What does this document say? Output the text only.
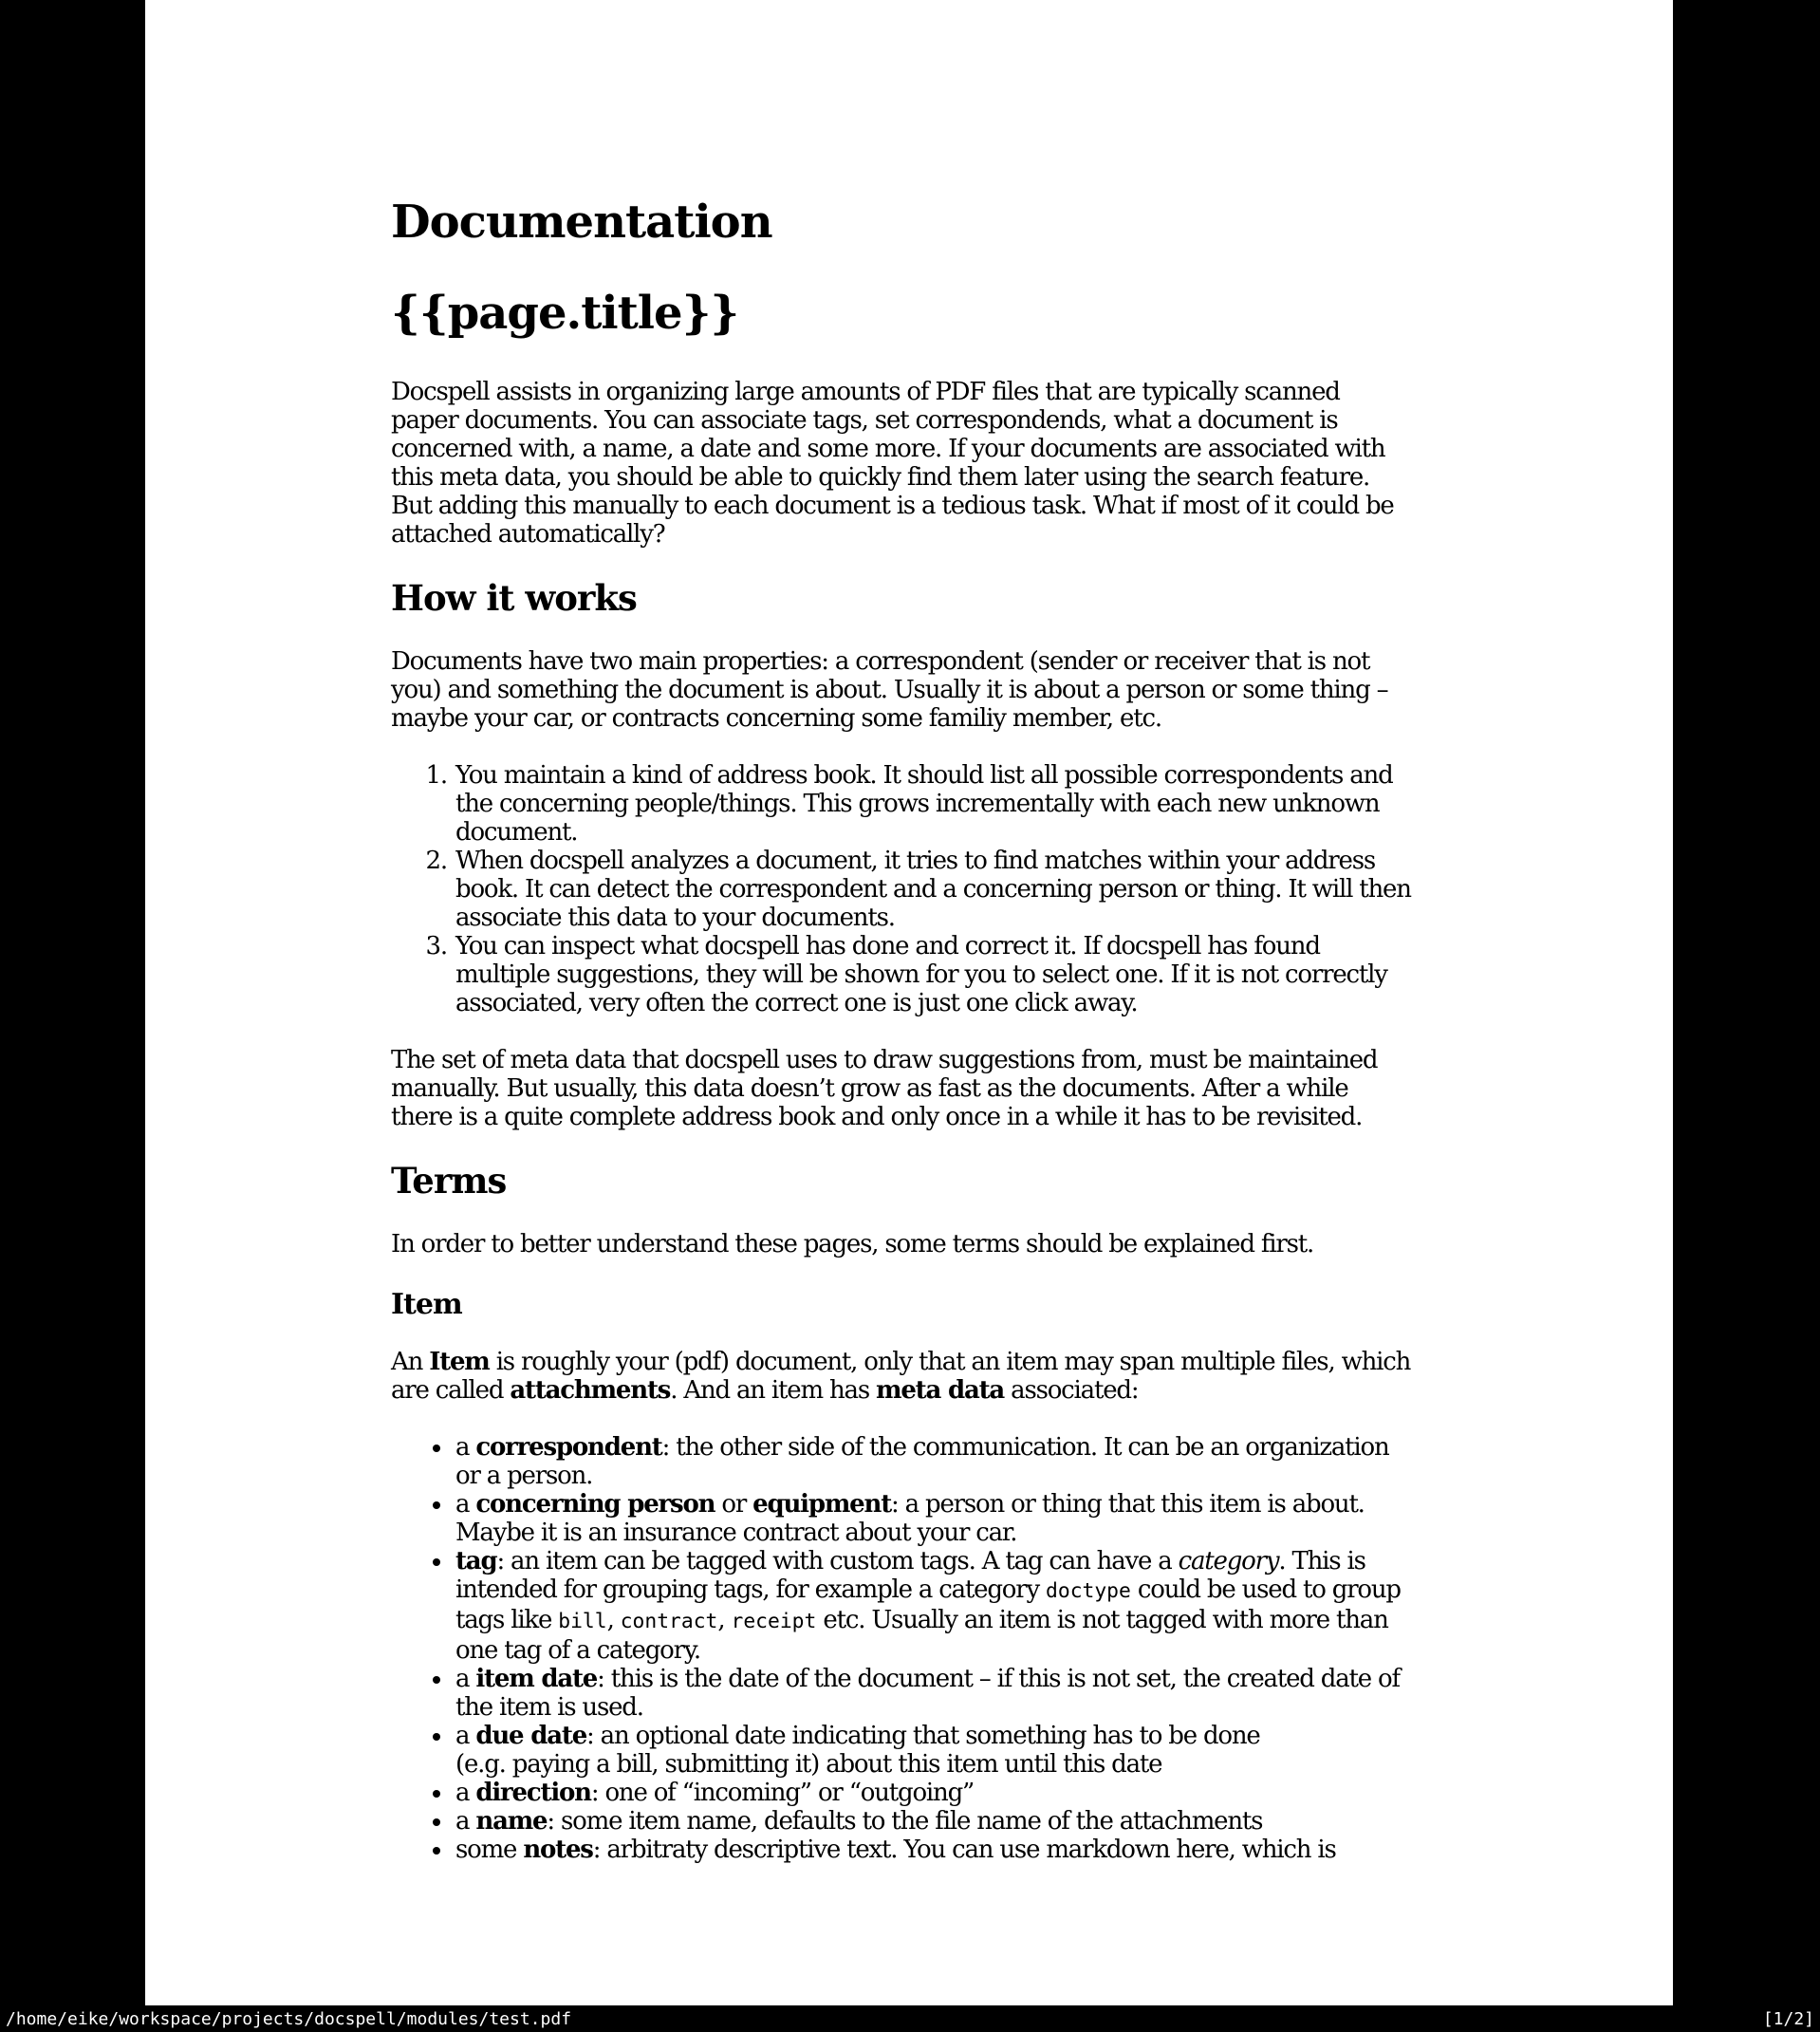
Documentation
{{page.title}}

Docspell assists in organizing large amounts of PDF files that are typically scanned paper documents. You can associate tags, set correspondends, what a document is concerned with, a name, a date and some more. If your documents are associated with this meta data, you should be able to quickly find them later using the search feature. But adding this manually to each document is a tedious task. What if most of it could be attached automatically?

How it works

Documents have two main properties: a correspondent (sender or receiver that is not you) and something the document is about. Usually it is about a person or some thing – maybe your car, or contracts concerning some familiy member, etc.

1. You maintain a kind of address book. It should list all possible correspondents and the concerning people/things. This grows incrementally with each new unknown document.
2. When docspell analyzes a document, it tries to find matches within your address book. It can detect the correspondent and a concerning person or thing. It will then associate this data to your documents.
3. You can inspect what docspell has done and correct it. If docspell has found multiple suggestions, they will be shown for you to select one. If it is not correctly associated, very often the correct one is just one click away.

The set of meta data that docspell uses to draw suggestions from, must be maintained manually. But usually, this data doesn’t grow as fast as the documents. After a while there is a quite complete address book and only once in a while it has to be revisited.

Terms

In order to better understand these pages, some terms should be explained first.

Item

An Item is roughly your (pdf) document, only that an item may span multiple files, which are called attachments. And an item has meta data associated:

• a correspondent: the other side of the communication. It can be an organization or a person.
• a concerning person or equipment: a person or thing that this item is about. Maybe it is an insurance contract about your car.
• tag: an item can be tagged with custom tags. A tag can have a category. This is intended for grouping tags, for example a category doctype could be used to group tags like bill, contract, receipt etc. Usually an item is not tagged with more than one tag of a category.
• a item date: this is the date of the document – if this is not set, the created date of the item is used.
• a due date: an optional date indicating that something has to be done
(e.g. paying a bill, submitting it) about this item until this date
• a direction: one of “incoming” or “outgoing”
• a name: some item name, defaults to the file name of the attachments
• some notes: arbitraty descriptive text. You can use markdown here, which is
/home/eike/workspace/projects/docspell/modules/test.pdf	[1/2]
